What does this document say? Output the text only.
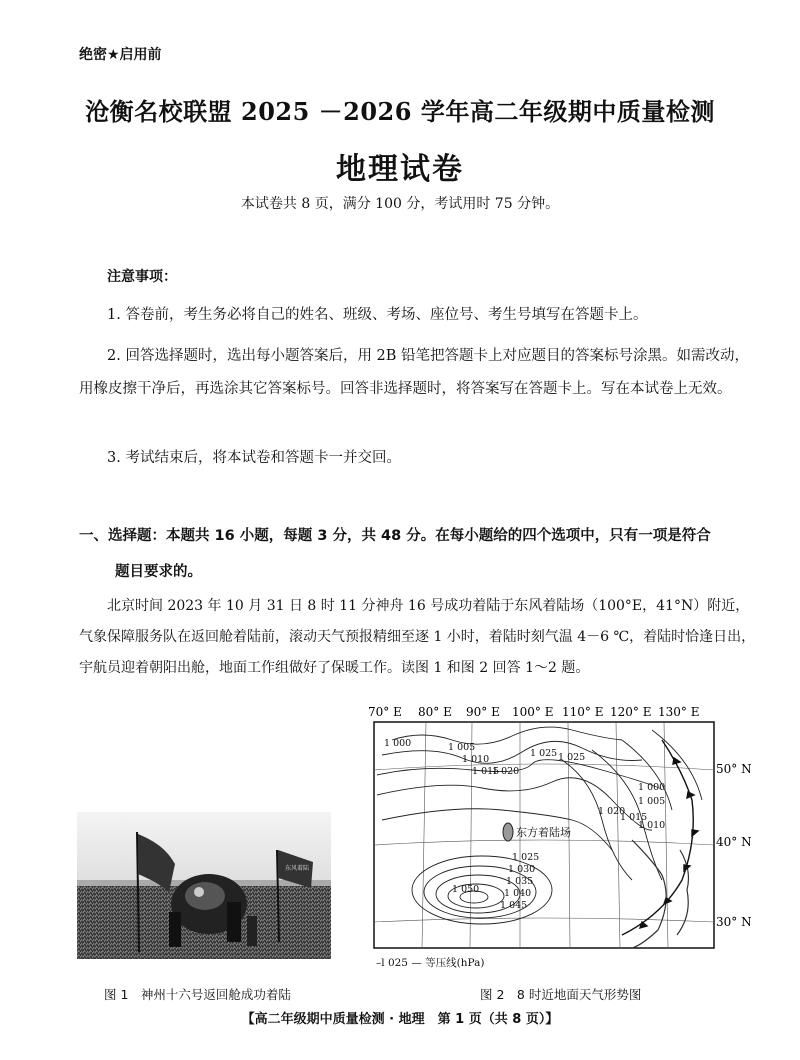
绝密★启用前
沧衡名校联盟 2025 －2026 学年高二年级期中质量检测
地理试卷
本试卷共 8 页，满分 100 分，考试用时 75 分钟。
注意事项：
1. 答卷前，考生务必将自己的姓名、班级、考场、座位号、考生号填写在答题卡上。
2. 回答选择题时，选出每小题答案后，用 2B 铅笔把答题卡上对应题目的答案标号涂黑。如需改动，用橡皮擦干净后，再选涂其它答案标号。回答非选择题时，将答案写在答题卡上。写在本试卷上无效。
3. 考试结束后，将本试卷和答题卡一并交回。
一、选择题：本题共 16 小题，每题 3 分，共 48 分。在每小题给的四个选项中，只有一项是符合
题目要求的。
北京时间 2023 年 10 月 31 日 8 时 11 分神舟 16 号成功着陆于东风着陆场（100°E，41°N）附近，气象保障服务队在返回舱着陆前，滚动天气预报精细至逐 1 小时，着陆时刻气温 4－6 ℃，着陆时恰逢日出，宇航员迎着朝阳出舱，地面工作组做好了保暖工作。读图 1 和图 2 回答 1～2 题。
东风着陆
70° E 80° E 90° E 100° E 110° E 120° E 130° E
50° N
40° N
30° N
1 000	1 005
1 010
1 015
1 020
1 025 1 025
1 020
1 015
1 010
1 005
1 000
1 025
1 030
1 035
1 040
1 045
1 050
东方着陆场
–l 025 — 等压线(hPa)
图 1　神州十六号返回舱成功着陆	图 2　8 时近地面天气形势图
【高二年级期中质量检测 · 地理　第 1 页（共 8 页）】
